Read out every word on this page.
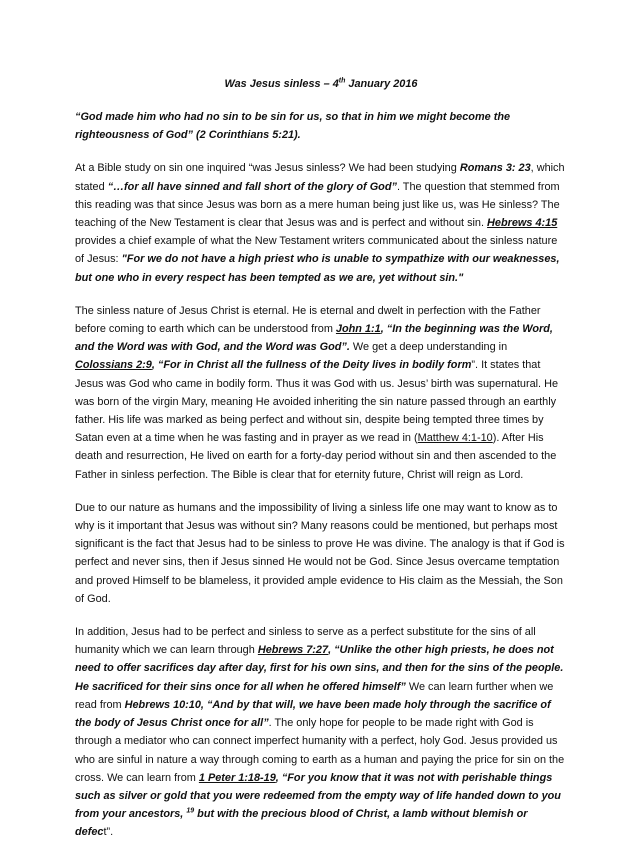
Was Jesus sinless – 4th January 2016

“God made him who had no sin to be sin for us, so that in him we might become the righteousness of God” (2 Corinthians 5:21).

At a Bible study on sin one inquired “was Jesus sinless? We had been studying Romans 3: 23, which stated “…for all have sinned and fall short of the glory of God”. The question that stemmed from this reading was that since Jesus was born as a mere human being just like us, was He sinless? The teaching of the New Testament is clear that Jesus was and is perfect and without sin. Hebrews 4:15 provides a chief example of what the New Testament writers communicated about the sinless nature of Jesus: "For we do not have a high priest who is unable to sympathize with our weaknesses, but one who in every respect has been tempted as we are, yet without sin."

The sinless nature of Jesus Christ is eternal. He is eternal and dwelt in perfection with the Father before coming to earth which can be understood from John 1:1, “In the beginning was the Word, and the Word was with God, and the Word was God”. We get a deep understanding in Colossians 2:9, “For in Christ all the fullness of the Deity lives in bodily form”. It states that Jesus was God who came in bodily form. Thus it was God with us. Jesus’ birth was supernatural. He was born of the virgin Mary, meaning He avoided inheriting the sin nature passed through an earthly father. His life was marked as being perfect and without sin, despite being tempted three times by Satan even at a time when he was fasting and in prayer as we read in (Matthew 4:1-10). After His death and resurrection, He lived on earth for a forty-day period without sin and then ascended to the Father in sinless perfection. The Bible is clear that for eternity future, Christ will reign as Lord.

Due to our nature as humans and the impossibility of living a sinless life one may want to know as to why is it important that Jesus was without sin? Many reasons could be mentioned, but perhaps most significant is the fact that Jesus had to be sinless to prove He was divine. The analogy is that if God is perfect and never sins, then if Jesus sinned He would not be God. Since Jesus overcame temptation and proved Himself to be blameless, it provided ample evidence to His claim as the Messiah, the Son of God.

In addition, Jesus had to be perfect and sinless to serve as a perfect substitute for the sins of all humanity which we can learn through Hebrews 7:27, “Unlike the other high priests, he does not need to offer sacrifices day after day, first for his own sins, and then for the sins of the people. He sacrificed for their sins once for all when he offered himself” We can learn further when we read from Hebrews 10:10, “And by that will, we have been made holy through the sacrifice of the body of Jesus Christ once for all”. The only hope for people to be made right with God is through a mediator who can connect imperfect humanity with a perfect, holy God. Jesus provided us who are sinful in nature a way through coming to earth as a human and paying the price for sin on the cross. We can learn from 1 Peter 1:18-19, “For you know that it was not with perishable things such as silver or gold that you were redeemed from the empty way of life handed down to you from your ancestors, $^{19}$ but with the precious blood of Christ, a lamb without blemish or defect”.
